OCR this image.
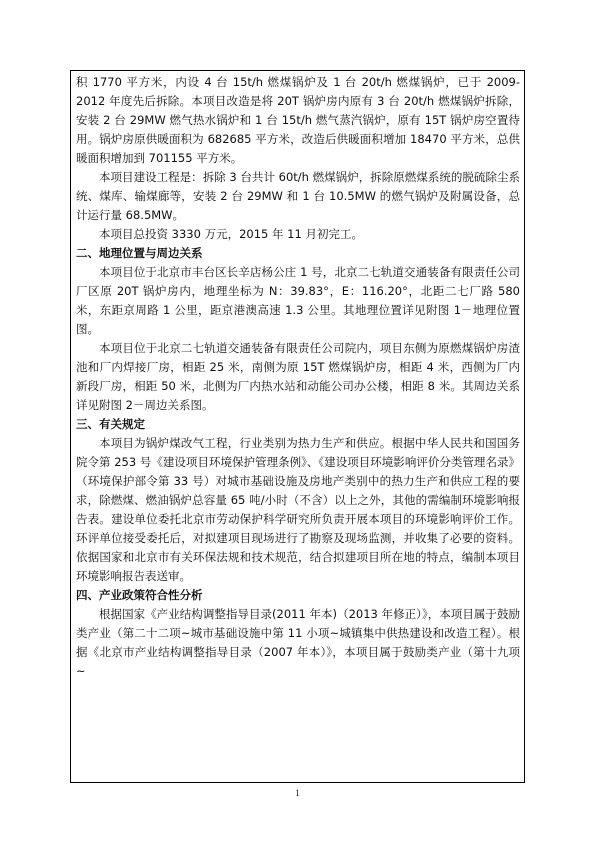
积 1770 平方米，内设 4 台 15t/h 燃煤锅炉及 1 台 20t/h 燃煤锅炉，已于 2009-2012 年度先后拆除。本项目改造是将 20T 锅炉房内原有 3 台 20t/h 燃煤锅炉拆除，安装 2 台 29MW 燃气热水锅炉和 1 台 15t/h 燃气蒸汽锅炉，原有 15T 锅炉房空置待用。锅炉房原供暖面积为 682685 平方米，改造后供暖面积增加 18470 平方米，总供暖面积增加到 701155 平方米。

本项目建设工程是：拆除 3 台共计 60t/h 燃煤锅炉，拆除原燃煤系统的脱硫除尘系统、煤库、输煤廊等，安装 2 台 29MW 和 1 台 10.5MW 的燃气锅炉及附属设备，总计运行量 68.5MW。

本项目总投资 3330 万元，2015 年 11 月初完工。

二、地理位置与周边关系

本项目位于北京市丰台区长辛店杨公庄 1 号，北京二七轨道交通装备有限责任公司厂区原 20T 锅炉房内，地理坐标为 N：39.83°，E：116.20°，北距二七厂路 580 米，东距京周路 1 公里，距京港澳高速 1.3 公里。其地理位置详见附图 1－地理位置图。

本项目位于北京二七轨道交通装备有限责任公司院内，项目东侧为原燃煤锅炉房渣池和厂内焊接厂房，相距 25 米，南侧为原 15T 燃煤锅炉房，相距 4 米，西侧为厂内新段厂房，相距 50 米，北侧为厂内热水站和动能公司办公楼，相距 8 米。其周边关系详见附图 2－周边关系图。

三、有关规定

本项目为锅炉煤改气工程，行业类别为热力生产和供应。根据中华人民共和国国务院令第 253 号《建设项目环境保护管理条例》、《建设项目环境影响评价分类管理名录》（环境保护部令第 33 号）对城市基础设施及房地产类别中的热力生产和供应工程的要求，除燃煤、燃油锅炉总容量 65 吨/小时（不含）以上之外，其他的需编制环境影响报告表。建设单位委托北京市劳动保护科学研究所负责开展本项目的环境影响评价工作。环评单位接受委托后，对拟建项目现场进行了勘察及现场监测，并收集了必要的资料。依据国家和北京市有关环保法规和技术规范，结合拟建项目所在地的特点，编制本项目环境影响报告表送审。

四、产业政策符合性分析

根据国家《产业结构调整指导目录(2011 年本)（2013 年修正）》，本项目属于鼓励类产业（第二十二项~城市基础设施中第 11 小项~城镇集中供热建设和改造工程）。根据《北京市产业结构调整指导目录（2007 年本）》，本项目属于鼓励类产业（第十九项~

1
